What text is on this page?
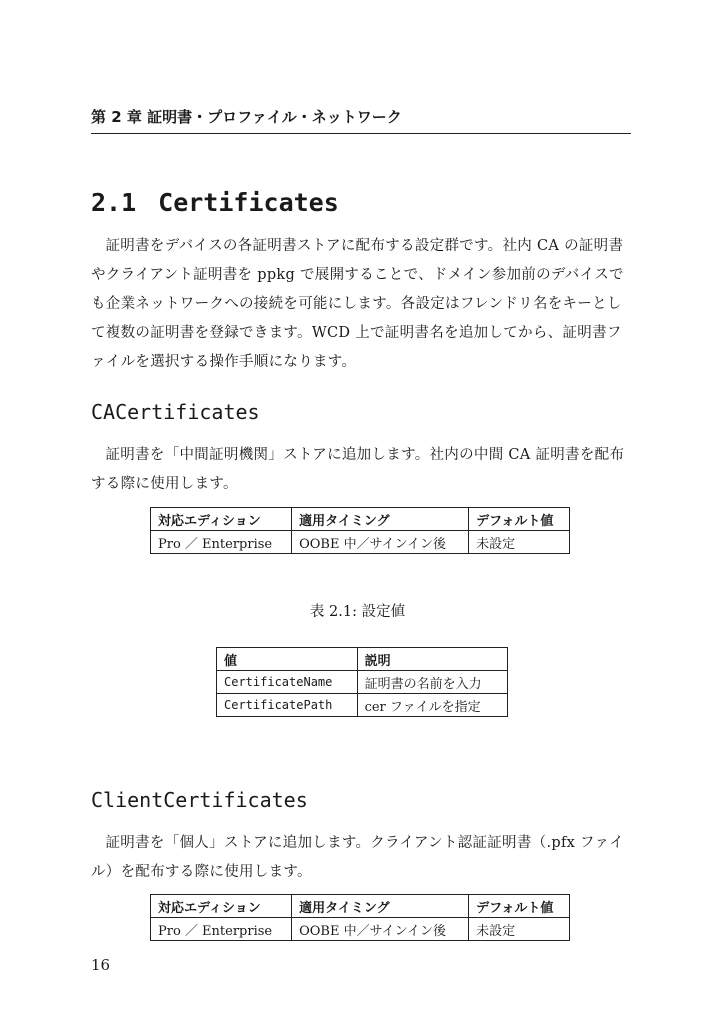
第 2 章 証明書・プロファイル・ネットワーク
2.1 Certificates

証明書をデバイスの各証明書ストアに配布する設定群です。社内 CA の証明書やクライアント証明書を ppkg で展開することで、ドメイン参加前のデバイスでも企業ネットワークへの接続を可能にします。各設定はフレンドリ名をキーとして複数の証明書を登録できます。WCD 上で証明書名を追加してから、証明書ファイルを選択する操作手順になります。

CACertificates

証明書を「中間証明機関」ストアに追加します。社内の中間 CA 証明書を配布する際に使用します。

対応エディション	適用タイミング	デフォルト値
Pro ／ Enterprise	OOBE 中／サインイン後	未設定
表 2.1: 設定値
値	説明
CertificateName	証明書の名前を入力
CertificatePath	cer ファイルを指定
ClientCertificates

証明書を「個人」ストアに追加します。クライアント認証証明書（.pfx ファイル）を配布する際に使用します。

対応エディション	適用タイミング	デフォルト値
Pro ／ Enterprise	OOBE 中／サインイン後	未設定
16
